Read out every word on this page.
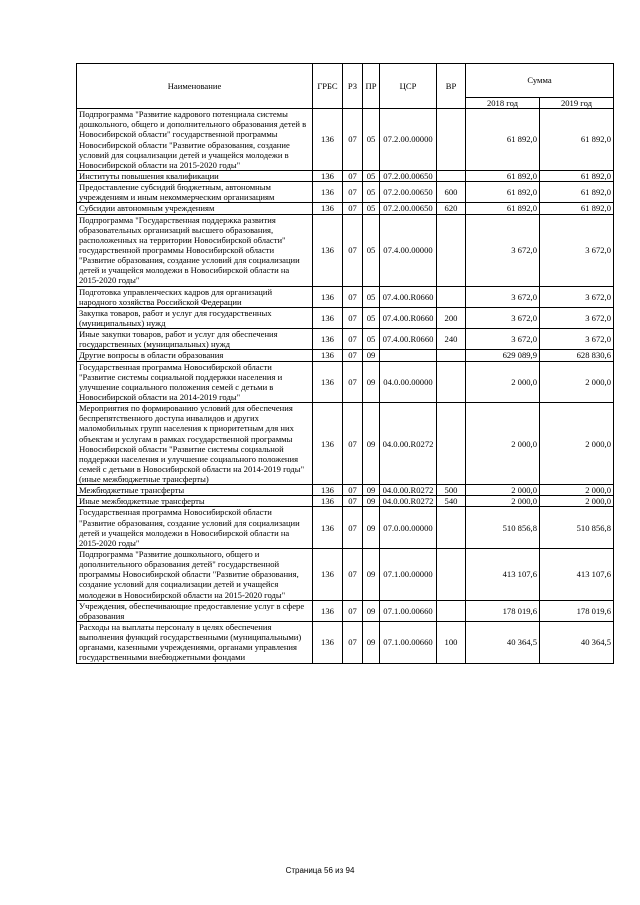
Наименование	ГРБС	РЗ	ПР	ЦСР	ВР	Сумма	
						2018 год	2019 год
Подпрограмма "Развитие кадрового потенциала системы дошкольного, общего и дополнительного образования детей в Новосибирской области" государственной программы Новосибирской области "Развитие образования, создание условий для социализации детей и учащейся молодежи в Новосибирской области на 2015-2020 годы"	136	07	05	07.2.00.00000		61 892,0	61 892,0
Институты повышения квалификации	136	07	05	07.2.00.00650		61 892,0	61 892,0
Предоставление субсидий бюджетным, автономным учреждениям и иным некоммерческим организациям	136	07	05	07.2.00.00650	600	61 892,0	61 892,0
Субсидии автономным учреждениям	136	07	05	07.2.00.00650	620	61 892,0	61 892,0
Подпрограмма "Государственная поддержка развития образовательных организаций высшего образования, расположенных на территории Новосибирской области" государственной программы Новосибирской области "Развитие образования, создание условий для социализации детей и учащейся молодежи в Новосибирской области на 2015-2020 годы"	136	07	05	07.4.00.00000		3 672,0	3 672,0
Подготовка управленческих кадров для организаций народного хозяйства Российской Федерации	136	07	05	07.4.00.R0660		3 672,0	3 672,0
Закупка товаров, работ и услуг для государственных (муниципальных) нужд	136	07	05	07.4.00.R0660	200	3 672,0	3 672,0
Иные закупки товаров, работ и услуг для обеспечения государственных (муниципальных) нужд	136	07	05	07.4.00.R0660	240	3 672,0	3 672,0
Другие вопросы в области образования	136	07	09			629 089,9	628 830,6
Государственная программа Новосибирской области "Развитие системы социальной поддержки населения и улучшение социального положения семей с детьми в Новосибирской области на 2014-2019 годы"	136	07	09	04.0.00.00000		2 000,0	2 000,0
Мероприятия по формированию условий для обеспечения беспрепятственного доступа инвалидов и других маломобильных групп населения к приоритетным для них объектам и услугам в рамках государственной программы Новосибирской области "Развитие системы социальной поддержки населения и улучшение социального положения семей с детьми в Новосибирской области на 2014-2019 годы" (иные межбюджетные трансферты)	136	07	09	04.0.00.R0272		2 000,0	2 000,0
Межбюджетные трансферты	136	07	09	04.0.00.R0272	500	2 000,0	2 000,0
Иные межбюджетные трансферты	136	07	09	04.0.00.R0272	540	2 000,0	2 000,0
Государственная программа Новосибирской области "Развитие образования, создание условий для социализации детей и учащейся молодежи в Новосибирской области на 2015-2020 годы"	136	07	09	07.0.00.00000		510 856,8	510 856,8
Подпрограмма "Развитие дошкольного, общего и дополнительного образования детей" государственной программы Новосибирской области "Развитие образования, создание условий для социализации детей и учащейся молодежи в Новосибирской области на 2015-2020 годы"	136	07	09	07.1.00.00000		413 107,6	413 107,6
Учреждения, обеспечивающие предоставление услуг в сфере образования	136	07	09	07.1.00.00660		178 019,6	178 019,6
Расходы на выплаты персоналу в целях обеспечения выполнения функций государственными (муниципальными) органами, казенными учреждениями, органами управления государственными внебюджетными фондами	136	07	09	07.1.00.00660	100	40 364,5	40 364,5
Страница 56 из 94
